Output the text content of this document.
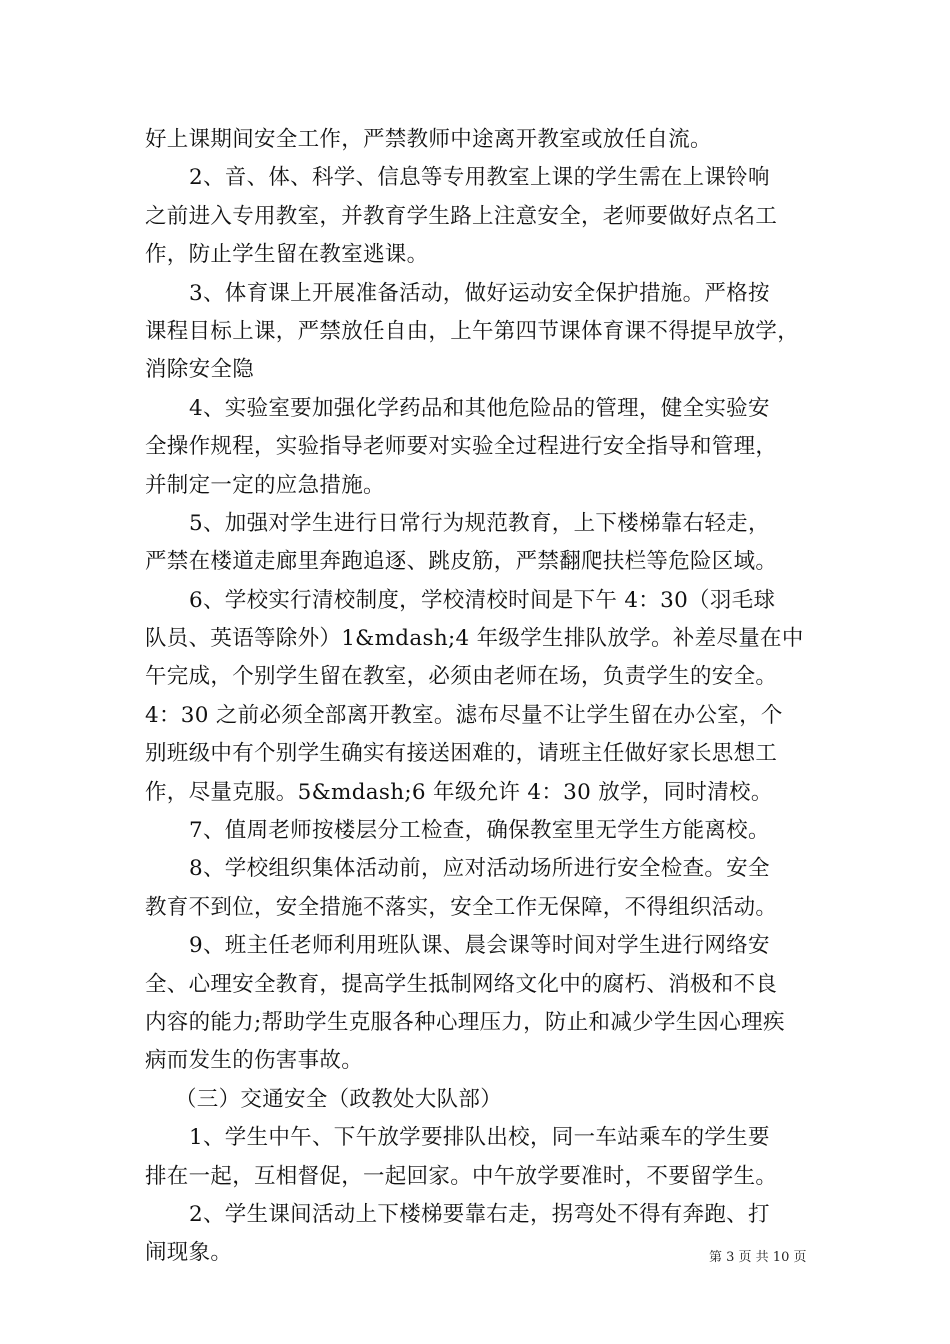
好上课期间安全工作，严禁教师中途离开教室或放任自流。
2、音、体、科学、信息等专用教室上课的学生需在上课铃响
之前进入专用教室，并教育学生路上注意安全，老师要做好点名工
作，防止学生留在教室逃课。
3、体育课上开展准备活动，做好运动安全保护措施。严格按
课程目标上课，严禁放任自由，上午第四节课体育课不得提早放学，
消除安全隐
4、实验室要加强化学药品和其他危险品的管理，健全实验安
全操作规程，实验指导老师要对实验全过程进行安全指导和管理，
并制定一定的应急措施。
5、加强对学生进行日常行为规范教育，上下楼梯靠右轻走，
严禁在楼道走廊里奔跑追逐、跳皮筋，严禁翻爬扶栏等危险区域。
6、学校实行清校制度，学校清校时间是下午 4：30（羽毛球
队员、英语等除外）1&mdash;4 年级学生排队放学。补差尽量在中
午完成，个别学生留在教室，必须由老师在场，负责学生的安全。
4：30 之前必须全部离开教室。滤布尽量不让学生留在办公室，个
别班级中有个别学生确实有接送困难的，请班主任做好家长思想工
作，尽量克服。5&mdash;6 年级允许 4：30 放学，同时清校。
7、值周老师按楼层分工检查，确保教室里无学生方能离校。
8、学校组织集体活动前，应对活动场所进行安全检查。安全
教育不到位，安全措施不落实，安全工作无保障，不得组织活动。
9、班主任老师利用班队课、晨会课等时间对学生进行网络安
全、心理安全教育，提高学生抵制网络文化中的腐朽、消极和不良
内容的能力;帮助学生克服各种心理压力，防止和减少学生因心理疾
病而发生的伤害事故。
（三）交通安全（政教处大队部）
1、学生中午、下午放学要排队出校，同一车站乘车的学生要
排在一起，互相督促，一起回家。中午放学要准时，不要留学生。
2、学生课间活动上下楼梯要靠右走，拐弯处不得有奔跑、打
闹现象。	第 3 页 共 10 页
